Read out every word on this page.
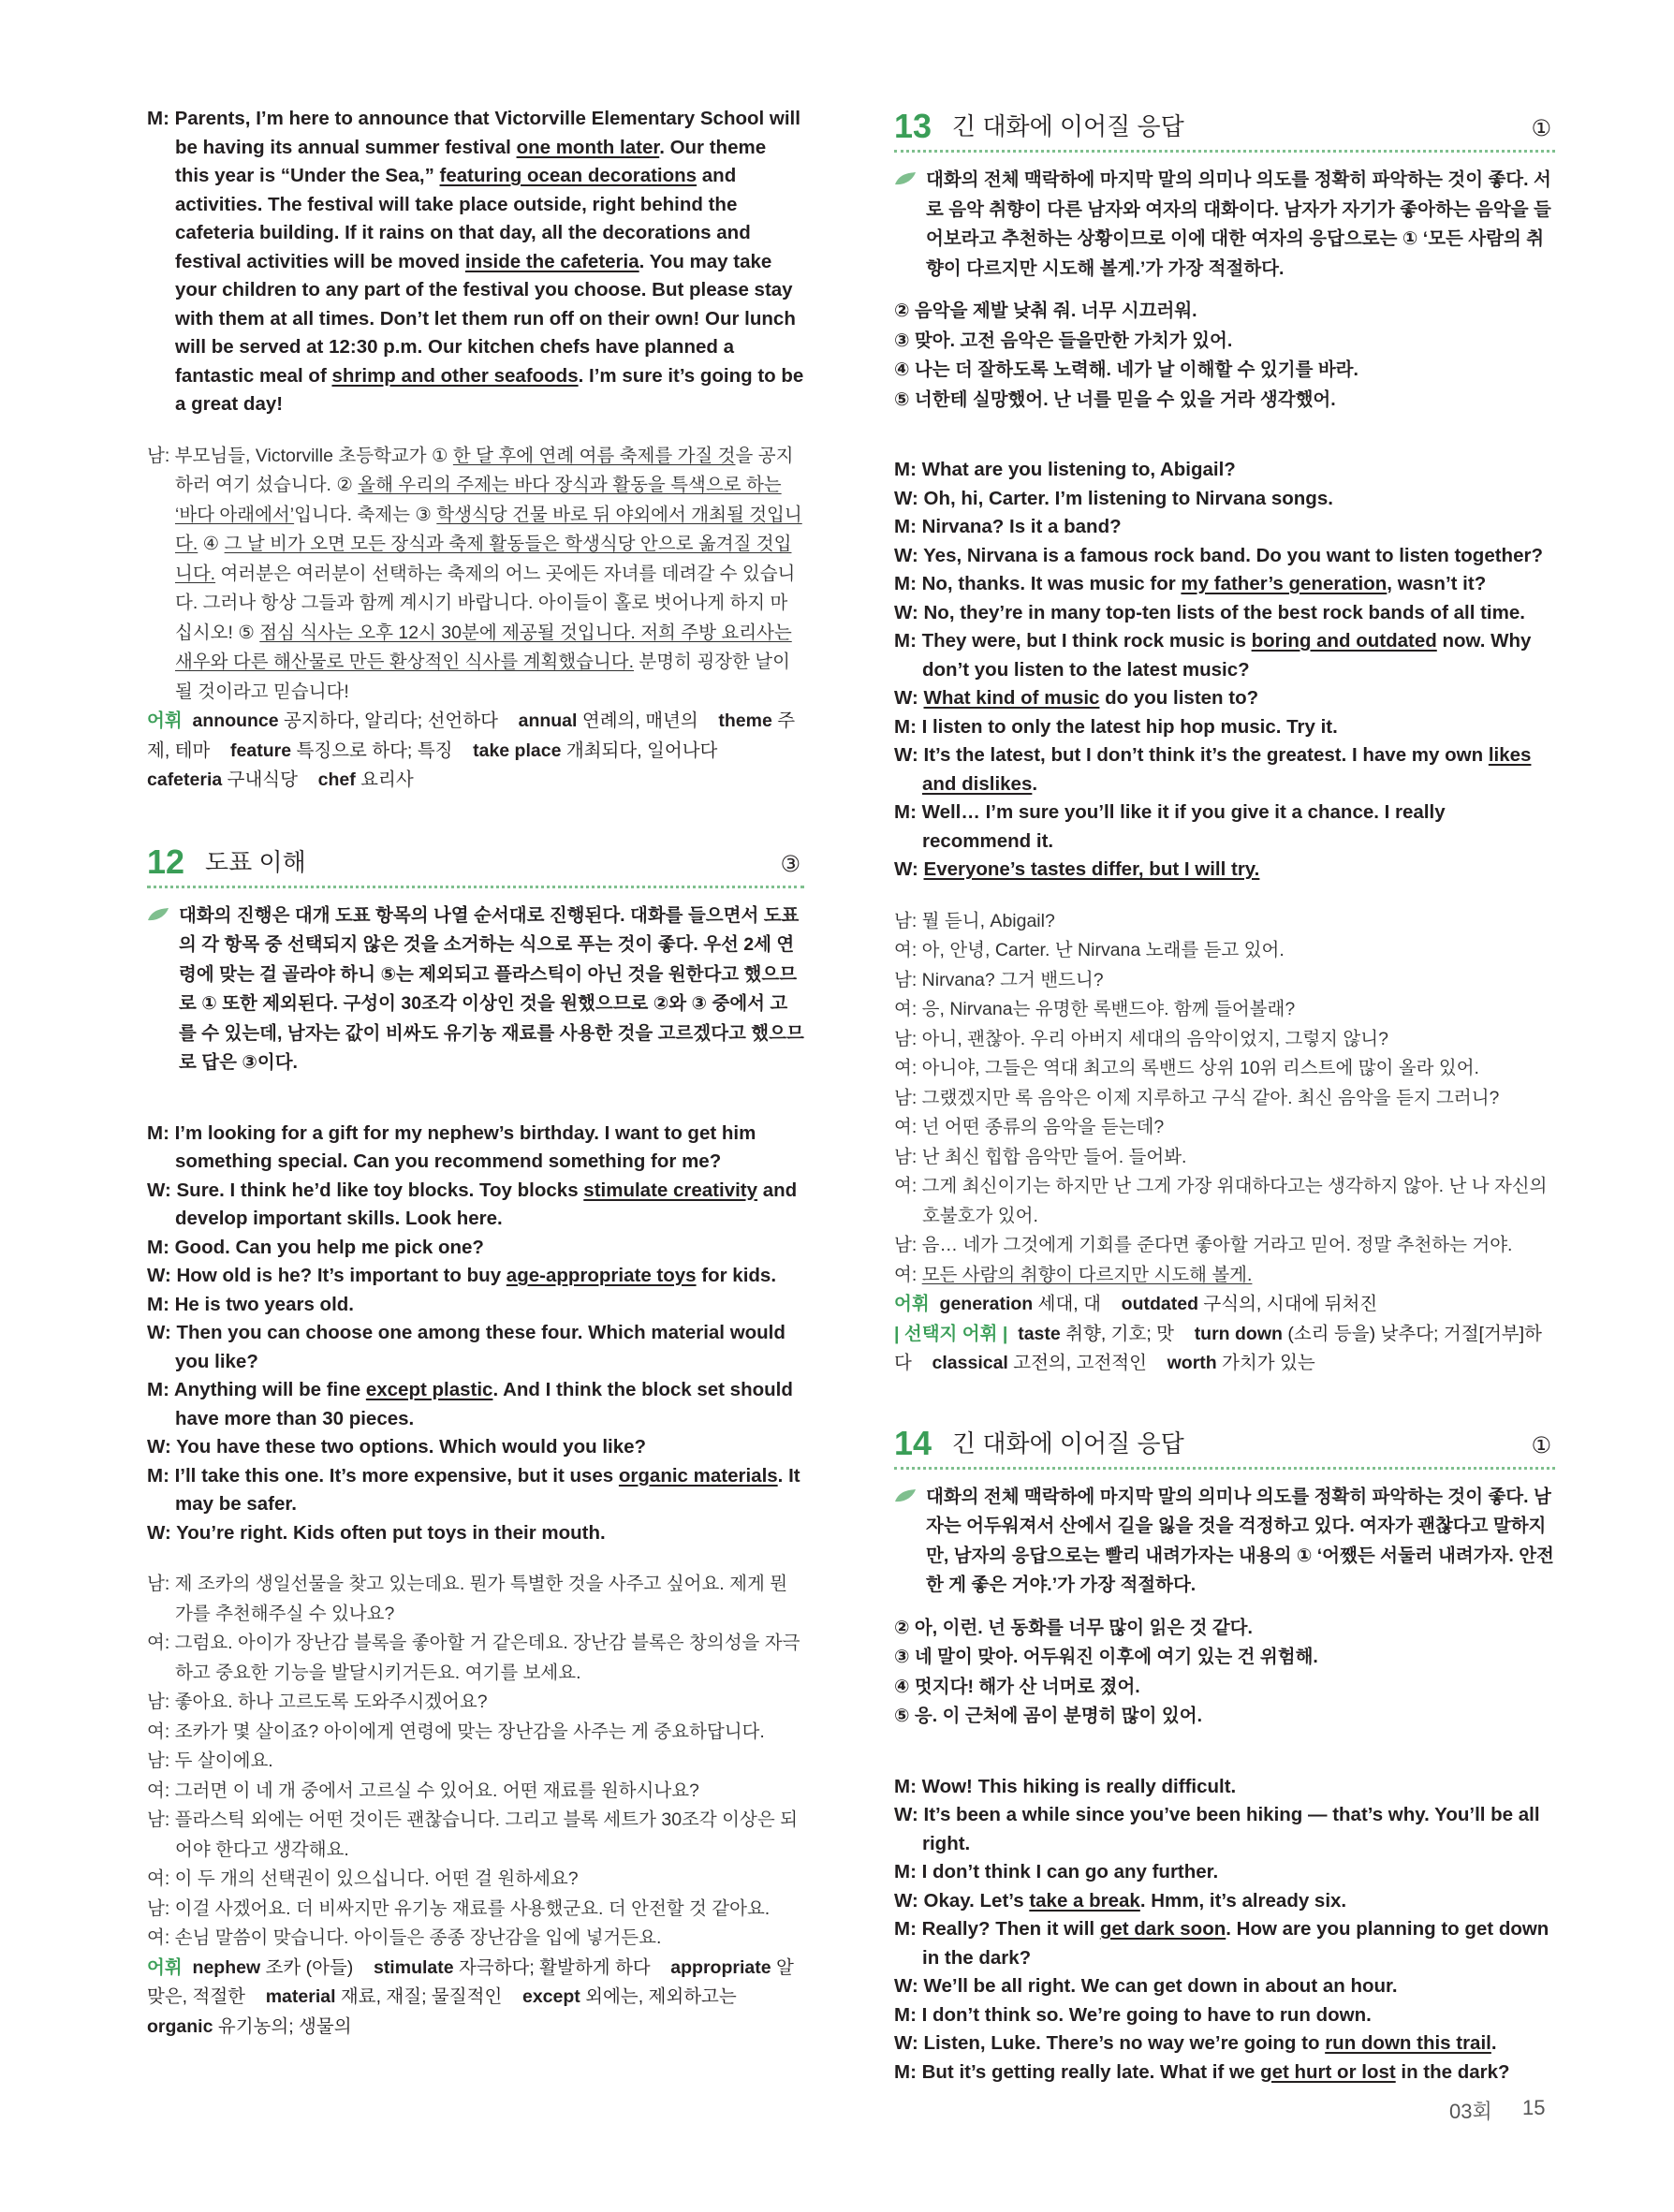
M: Parents, I’m here to announce that Victorville Elementary School will be having its annual summer festival one month later. Our theme this year is “Under the Sea,” featuring ocean decorations and activities. The festival will take place outside, right behind the cafeteria building. If it rains on that day, all the decorations and festival activities will be moved inside the cafeteria. You may take your children to any part of the festival you choose. But please stay with them at all times. Don’t let them run off on their own! Our lunch will be served at 12:30 p.m. Our kitchen chefs have planned a fantastic meal of shrimp and other seafoods. I’m sure it’s going to be a great day!

남: 부모님들, Victorville 초등학교가 ① 한 달 후에 연례 여름 축제를 가질 것을 공지하러 여기 섰습니다. ② 올해 우리의 주제는 바다 장식과 활동을 특색으로 하는 ‘바다 아래에서’입니다. 축제는 ③ 학생식당 건물 바로 뒤 야외에서 개최될 것입니다. ④ 그 날 비가 오면 모든 장식과 축제 활동들은 학생식당 안으로 옮겨질 것입니다. 여러분은 여러분이 선택하는 축제의 어느 곳에든 자녀를 데려갈 수 있습니다. 그러나 항상 그들과 함께 계시기 바랍니다. 아이들이 홀로 벗어나게 하지 마십시오! ⑤ 점심 식사는 오후 12시 30분에 제공될 것입니다. 저희 주방 요리사는 새우와 다른 해산물로 만든 환상적인 식사를 계획했습니다. 분명히 굉장한 날이 될 것이라고 믿습니다!

어휘 announce 공지하다, 알리다; 선언하다    annual 연례의, 매년의    theme 주제, 테마    feature 특징으로 하다; 특징    take place 개최되다, 일어나다    cafeteria 구내식당    chef 요리사

12 도표 이해	③
대화의 진행은 대개 도표 항목의 나열 순서대로 진행된다. 대화를 들으면서 도표의 각 항목 중 선택되지 않은 것을 소거하는 식으로 푸는 것이 좋다. 우선 2세 연령에 맞는 걸 골라야 하니 ⑤는 제외되고 플라스틱이 아닌 것을 원한다고 했으므로 ① 또한 제외된다. 구성이 30조각 이상인 것을 원했으므로 ②와 ③ 중에서 고를 수 있는데, 남자는 값이 비싸도 유기농 재료를 사용한 것을 고르겠다고 했으므로 답은 ③이다.

M: I’m looking for a gift for my nephew’s birthday. I want to get him something special. Can you recommend something for me?

W: Sure. I think he’d like toy blocks. Toy blocks stimulate creativity and develop important skills. Look here.

M: Good. Can you help me pick one?

W: How old is he? It’s important to buy age-appropriate toys for kids.

M: He is two years old.

W: Then you can choose one among these four. Which material would you like?

M: Anything will be fine except plastic. And I think the block set should have more than 30 pieces.

W: You have these two options. Which would you like?

M: I’ll take this one. It’s more expensive, but it uses organic materials. It may be safer.

W: You’re right. Kids often put toys in their mouth.

남: 제 조카의 생일선물을 찾고 있는데요. 뭔가 특별한 것을 사주고 싶어요. 제게 뭔가를 추천해주실 수 있나요?

여: 그럼요. 아이가 장난감 블록을 좋아할 거 같은데요. 장난감 블록은 창의성을 자극하고 중요한 기능을 발달시키거든요. 여기를 보세요.

남: 좋아요. 하나 고르도록 도와주시겠어요?

여: 조카가 몇 살이죠? 아이에게 연령에 맞는 장난감을 사주는 게 중요하답니다.

남: 두 살이에요.

여: 그러면 이 네 개 중에서 고르실 수 있어요. 어떤 재료를 원하시나요?

남: 플라스틱 외에는 어떤 것이든 괜찮습니다. 그리고 블록 세트가 30조각 이상은 되어야 한다고 생각해요.

여: 이 두 개의 선택권이 있으십니다. 어떤 걸 원하세요?

남: 이걸 사겠어요. 더 비싸지만 유기농 재료를 사용했군요. 더 안전할 것 같아요.

여: 손님 말씀이 맞습니다. 아이들은 종종 장난감을 입에 넣거든요.

어휘 nephew 조카 (아들)    stimulate 자극하다; 활발하게 하다    appropriate 알맞은, 적절한    material 재료, 재질; 물질적인    except 외에는, 제외하고는    organic 유기농의; 생물의

13 긴 대화에 이어질 응답	①
대화의 전체 맥락하에 마지막 말의 의미나 의도를 정확히 파악하는 것이 좋다. 서로 음악 취향이 다른 남자와 여자의 대화이다. 남자가 자기가 좋아하는 음악을 들어보라고 추천하는 상황이므로 이에 대한 여자의 응답으로는 ① ‘모든 사람의 취향이 다르지만 시도해 볼게.’가 가장 적절하다.

② 음악을 제발 낮춰 줘. 너무 시끄러워.

③ 맞아. 고전 음악은 들을만한 가치가 있어.

④ 나는 더 잘하도록 노력해. 네가 날 이해할 수 있기를 바라.

⑤ 너한테 실망했어. 난 너를 믿을 수 있을 거라 생각했어.

M: What are you listening to, Abigail?

W: Oh, hi, Carter. I’m listening to Nirvana songs.

M: Nirvana? Is it a band?

W: Yes, Nirvana is a famous rock band. Do you want to listen together?

M: No, thanks. It was music for my father’s generation, wasn’t it?

W: No, they’re in many top-ten lists of the best rock bands of all time.

M: They were, but I think rock music is boring and outdated now. Why don’t you listen to the latest music?

W: What kind of music do you listen to?

M: I listen to only the latest hip hop music. Try it.

W: It’s the latest, but I don’t think it’s the greatest. I have my own likes and dislikes.

M: Well… I’m sure you’ll like it if you give it a chance. I really recommend it.

W: Everyone’s tastes differ, but I will try.

남: 뭘 듣니, Abigail?

여: 아, 안녕, Carter. 난 Nirvana 노래를 듣고 있어.

남: Nirvana? 그거 밴드니?

여: 응, Nirvana는 유명한 록밴드야. 함께 들어볼래?

남: 아니, 괜찮아. 우리 아버지 세대의 음악이었지, 그렇지 않니?

여: 아니야, 그들은 역대 최고의 록밴드 상위 10위 리스트에 많이 올라 있어.

남: 그랬겠지만 록 음악은 이제 지루하고 구식 같아. 최신 음악을 듣지 그러니?

여: 넌 어떤 종류의 음악을 듣는데?

남: 난 최신 힙합 음악만 들어. 들어봐.

여: 그게 최신이기는 하지만 난 그게 가장 위대하다고는 생각하지 않아. 난 나 자신의 호불호가 있어.

남: 음… 네가 그것에게 기회를 준다면 좋아할 거라고 믿어. 정말 추천하는 거야.

여: 모든 사람의 취향이 다르지만 시도해 볼게.

어휘 generation 세대, 대    outdated 구식의, 시대에 뒤처진

| 선택지 어휘 | taste 취향, 기호; 맛    turn down (소리 등을) 낮추다; 거절[거부]하다    classical 고전의, 고전적인    worth 가치가 있는

14 긴 대화에 이어질 응답	①
대화의 전체 맥락하에 마지막 말의 의미나 의도를 정확히 파악하는 것이 좋다. 남자는 어두워져서 산에서 길을 잃을 것을 걱정하고 있다. 여자가 괜찮다고 말하지만, 남자의 응답으로는 빨리 내려가자는 내용의 ① ‘어쨌든 서둘러 내려가자. 안전한 게 좋은 거야.’가 가장 적절하다.

② 아, 이런. 넌 동화를 너무 많이 읽은 것 같다.

③ 네 말이 맞아. 어두워진 이후에 여기 있는 건 위험해.

④ 멋지다! 해가 산 너머로 졌어.

⑤ 응. 이 근처에 곰이 분명히 많이 있어.

M: Wow! This hiking is really difficult.

W: It’s been a while since you’ve been hiking — that’s why. You’ll be all right.

M: I don’t think I can go any further.

W: Okay. Let’s take a break. Hmm, it’s already six.

M: Really? Then it will get dark soon. How are you planning to get down in the dark?

W: We’ll be all right. We can get down in about an hour.

M: I don’t think so. We’re going to have to run down.

W: Listen, Luke. There’s no way we’re going to run down this trail.

M: But it’s getting really late. What if we get hurt or lost in the dark?

03회 15
